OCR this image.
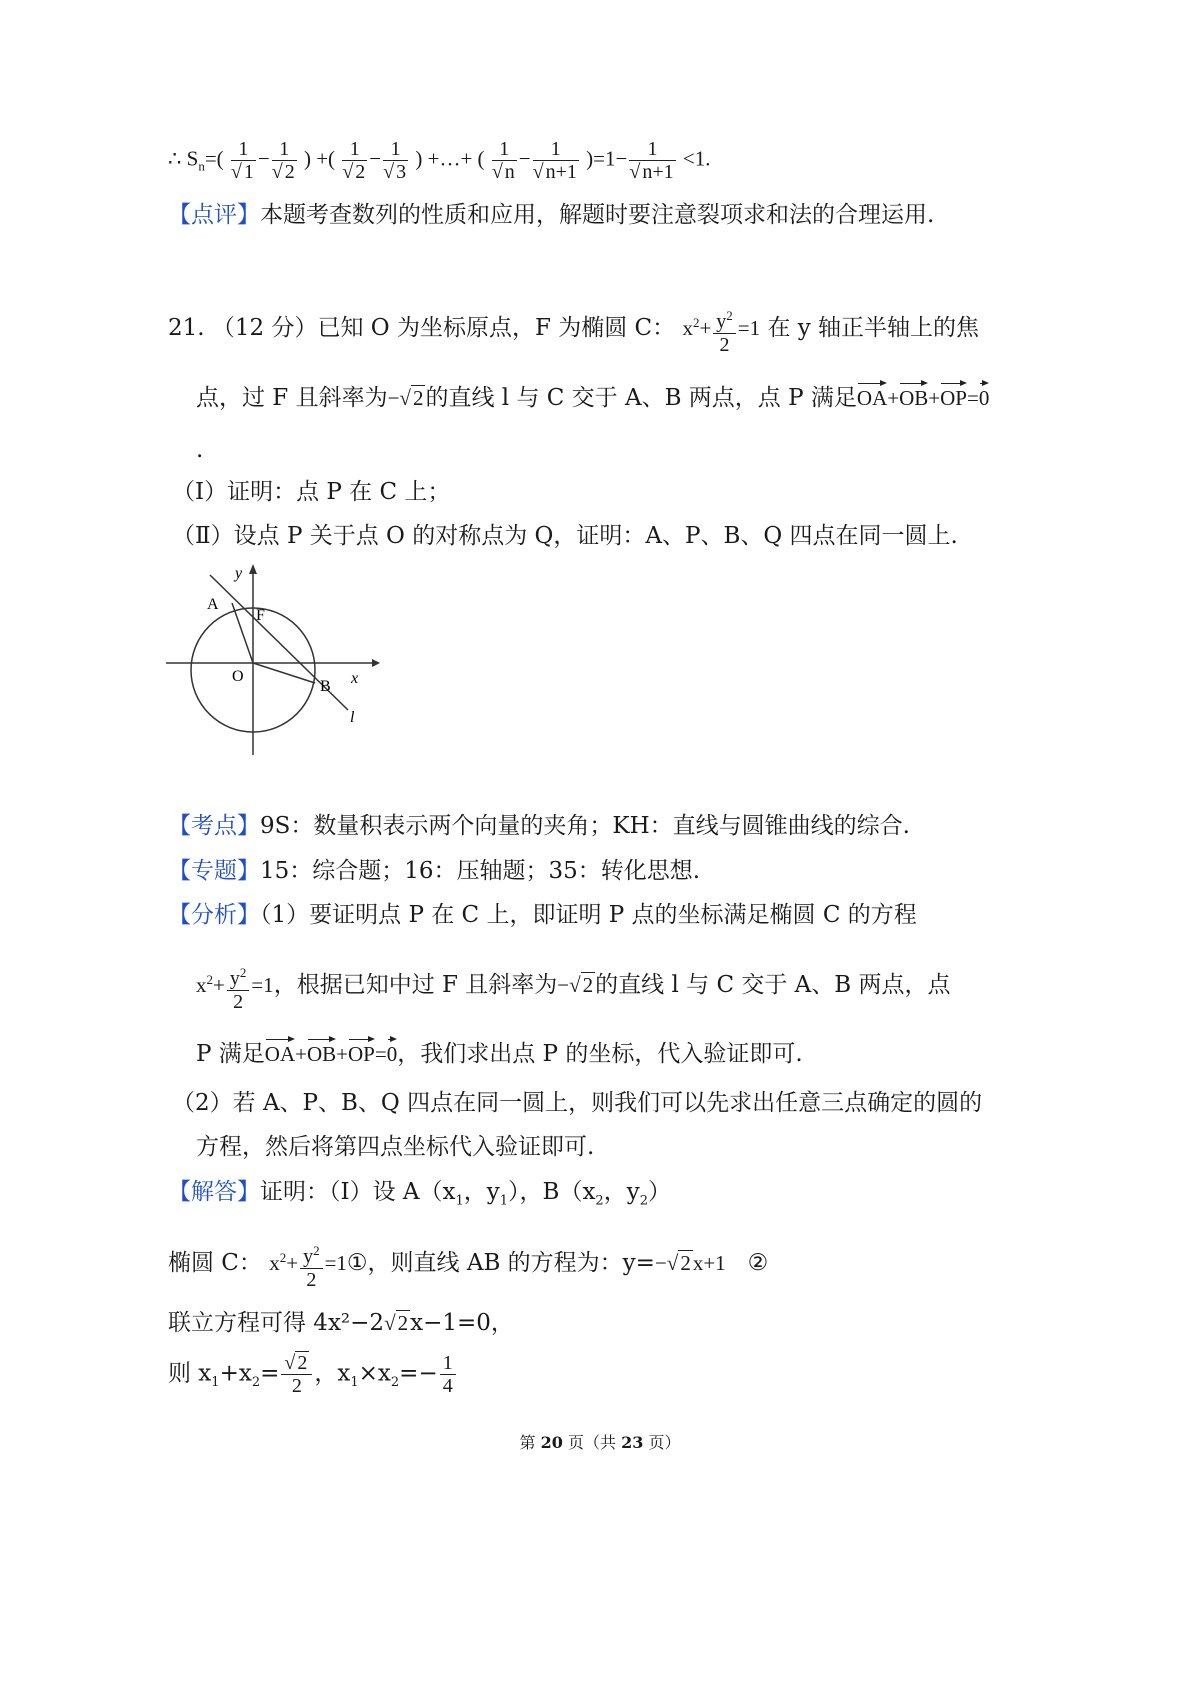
∴ $S_n=( \frac{1}{√ 1} - \frac{1}{√ 2}$ ) +( $\frac{1}{√ 2} - \frac{1}{√ 3}$ ) +…+ ( $\frac{1}{√ n} - \frac{1}{√ n+1} )=1- \frac{1}{√ n+1} <1$.
【点评】本题考查数列的性质和应用，解题时要注意裂项求和法的合理运用.
21. （12 分）已知 O 为坐标原点，F 为椭圆 C： $x^2+ \frac{y^2}{2} =1$ 在 y 轴正半轴上的焦
点，过 F 且斜率为−√2的直线 l 与 C 交于 A、B 两点，点 P 满足OA+OB+OP=0
.
（Ⅰ）证明：点 P 在 C 上；
（Ⅱ）设点 P 关于点 O 的对称点为 Q，证明：A、P、B、Q 四点在同一圆上.
y
x
A
F
O
B
l
【考点】9S：数量积表示两个向量的夹角；KH：直线与圆锥曲线的综合.
【专题】15：综合题；16：压轴题；35：转化思想.
【分析】（1）要证明点 P 在 C 上，即证明 P 点的坐标满足椭圆 C 的方程
$x^2+ \frac{y^2}{2} =1$，根据已知中过 F 且斜率为−√2的直线 l 与 C 交于 A、B 两点，点
P 满足OA+OB+OP=0，我们求出点 P 的坐标，代入验证即可.
（2）若 A、P、B、Q 四点在同一圆上，则我们可以先求出任意三点确定的圆的
方程，然后将第四点坐标代入验证即可.
【解答】证明：（Ⅰ）设 $A(x_1$，$y_1$），$B(x_2$，$y_2$）
椭圆 C： $x^2+ \frac{y^2}{2}$ =1①，则直线 AB 的方程为：y=−√2x+1 ②
联立方程可得 4x²−2√2x−1=0，
则 $x_1+x_2= \frac{√ 2}{2}$ ，$x_1\times x_2=- \frac{1}{4}$
第 20 页（共 23 页）
